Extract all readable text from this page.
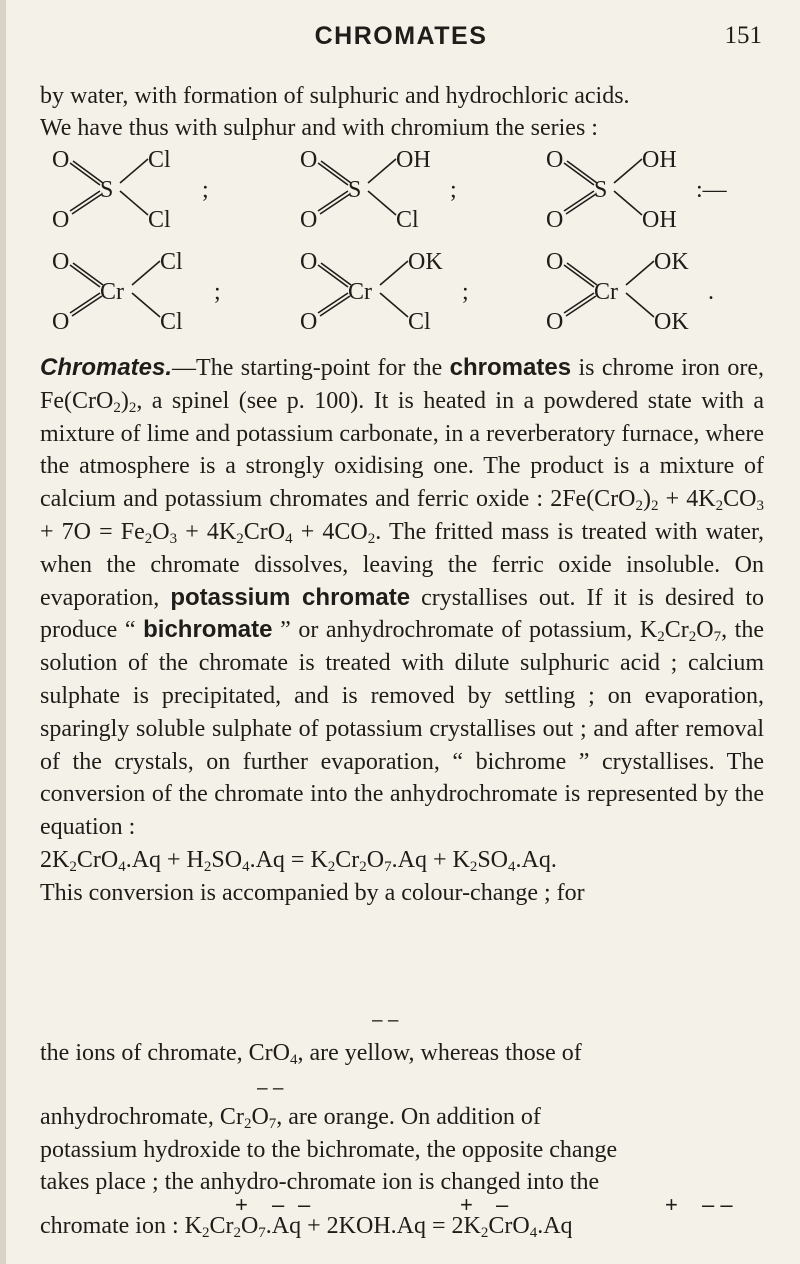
CHROMATES	151
by water, with formation of sulphuric and hydrochloric acids.
We have thus with sulphur and with chromium the series :
O
O
S
Cl
Cl
;
O
O
S
OH
Cl
;
O
O
S
OH
OH
:—
O
O
Cr
Cl
Cl
;
O
O
Cr
OK
Cl
;
O
O
Cr
OK
OK
.

Chromates.—The starting-point for the chromates is chrome iron ore, $Fe(CrO_2)_2$, a spinel (see p. 100). It is heated in a powdered state with a mixture of lime and potassium carbonate, in a reverberatory furnace, where the atmosphere is a strongly oxidising one. The product is a mixture of calcium and potassium chromates and ferric oxide : $2Fe(CrO_2)_2 + 4K_2CO_3 + 7O = Fe_2O_3 + 4K_2CrO_4 + 4CO_2$. The fritted mass is treated with water, when the chromate dissolves, leaving the ferric oxide insoluble. On evaporation, potassium chromate crystallises out. If it is desired to produce “ bichromate ” or anhydrochromate of potassium, $K_2Cr_2O_7$, the solution of the chromate is treated with dilute sulphuric acid ; calcium sulphate is precipitated, and is removed by settling ; on evaporation, sparingly soluble sulphate of potassium crystallises out ; and after removal of the crystals, on further evaporation, “ bichrome ” crystallises. The conversion of the chromate into the anhydrochromate is represented by the equation :

$2K_2CrO_4.Aq + H_2SO_4.Aq = K_2Cr_2O_7.Aq + K_2SO_4.Aq$.

This conversion is accompanied by a colour-change ; for

– –
the ions of chromate, CrO$_4$, are yellow, whereas those of
– –
anhydrochromate, $Cr_2O_7$, are orange. On addition of
potassium hydroxide to the bichromate, the opposite change
takes place ; the anhydro-chromate ion is changed into the
+ – –	+ –	+ – –
chromate ion : $K_2Cr_2O_7.Aq + 2KOH.Aq = 2K_2CrO_4.Aq$
